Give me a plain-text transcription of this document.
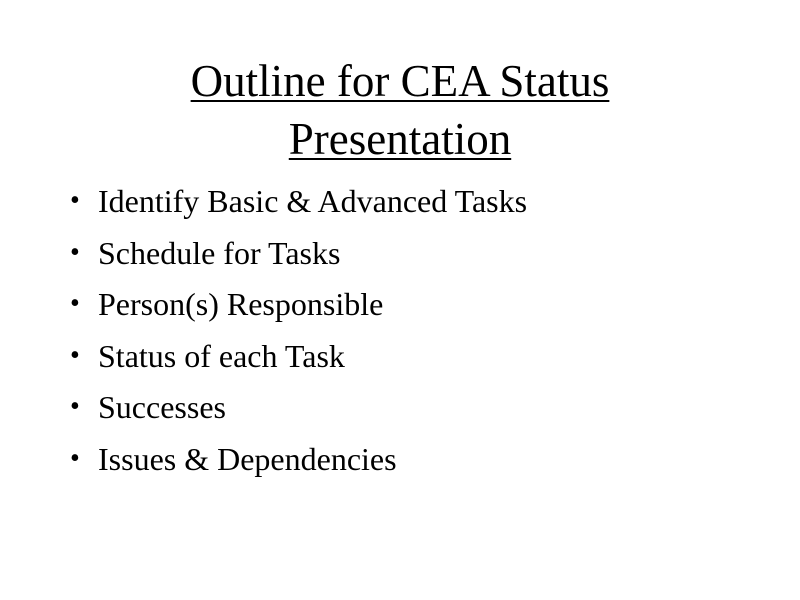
Outline for CEA Status
Presentation
• Identify Basic & Advanced Tasks
• Schedule for Tasks
• Person(s) Responsible
• Status of each Task
• Successes
• Issues & Dependencies
